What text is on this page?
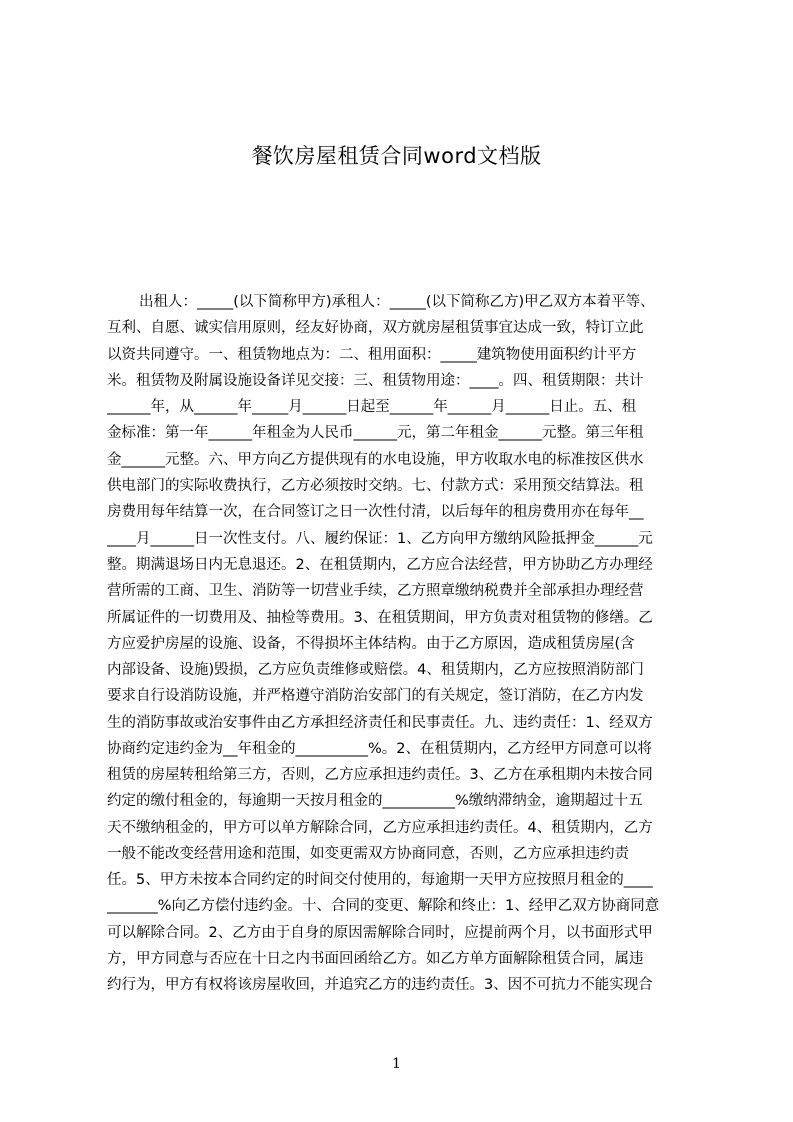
餐饮房屋租赁合同word文档版
出租人：_____(以下简称甲方)承租人：_____(以下简称乙方)甲乙双方本着平等、
互利、自愿、诚实信用原则，经友好协商，双方就房屋租赁事宜达成一致，特订立此
以资共同遵守。一、租赁物地点为：二、租用面积：_____建筑物使用面积约计平方
米。租赁物及附属设施设备详见交接：三、租赁物用途：____。四、租赁期限：共计
______年，从______年_____月______日起至______年______月______日止。五、租
金标准：第一年______年租金为人民币______元，第二年租金______元整。第三年租
金______元整。六、甲方向乙方提供现有的水电设施，甲方收取水电的标准按区供水
供电部门的实际收费执行，乙方必须按时交纳。七、付款方式：采用预交结算法。租
房费用每年结算一次，在合同签订之日一次性付清，以后每年的租房费用亦在每年__
____月______日一次性支付。八、履约保证：1、乙方向甲方缴纳风险抵押金______元
整。期满退场日内无息退还。2、在租赁期内，乙方应合法经营，甲方协助乙方办理经
营所需的工商、卫生、消防等一切营业手续，乙方照章缴纳税费并全部承担办理经营
所属证件的一切费用及、抽检等费用。3、在租赁期间，甲方负责对租赁物的修缮。乙
方应爱护房屋的设施、设备，不得损坏主体结构。由于乙方原因，造成租赁房屋(含
内部设备、设施)毁损，乙方应负责维修或赔偿。4、租赁期内，乙方应按照消防部门
要求自行设消防设施，并严格遵守消防治安部门的有关规定，签订消防，在乙方内发
生的消防事故或治安事件由乙方承担经济责任和民事责任。九、违约责任：1、经双方
协商约定违约金为__年租金的__________%。2、在租赁期内，乙方经甲方同意可以将
租赁的房屋转租给第三方，否则，乙方应承担违约责任。3、乙方在承租期内未按合同
约定的缴付租金的，每逾期一天按月租金的__________%缴纳滞纳金，逾期超过十五
天不缴纳租金的，甲方可以单方解除合同，乙方应承担违约责任。4、租赁期内，乙方
一般不能改变经营用途和范围，如变更需双方协商同意，否则，乙方应承担违约责
任。5、甲方未按本合同约定的时间交付使用的，每逾期一天甲方应按照月租金的____
_______%向乙方偿付违约金。十、合同的变更、解除和终止：1、经甲乙双方协商同意
可以解除合同。2、乙方由于自身的原因需解除合同时，应提前两个月，以书面形式甲
方，甲方同意与否应在十日之内书面回函给乙方。如乙方单方面解除租赁合同，属违
约行为，甲方有权将该房屋收回，并追究乙方的违约责任。3、因不可抗力不能实现合
1
